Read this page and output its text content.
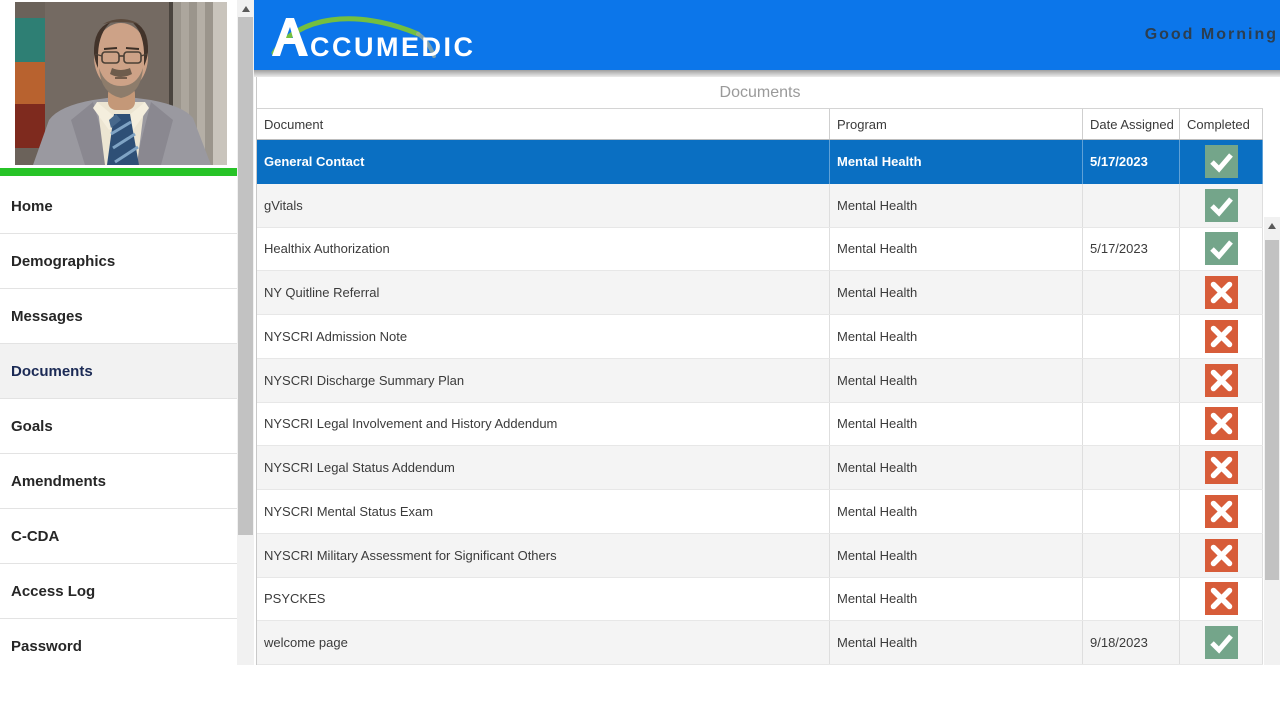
Home
Demographics
Messages
Documents
Goals
Amendments
C-CDA
Access Log
Password
CCUMEDIC	Good Morning
Documents
Document	Program	Date Assigned	Completed
General Contact	Mental Health	5/17/2023
gVitals	Mental Health
Healthix Authorization	Mental Health	5/17/2023
NY Quitline Referral	Mental Health
NYSCRI Admission Note	Mental Health
NYSCRI Discharge Summary Plan	Mental Health
NYSCRI Legal Involvement and History Addendum	Mental Health
NYSCRI Legal Status Addendum	Mental Health
NYSCRI Mental Status Exam	Mental Health
NYSCRI Military Assessment for Significant Others	Mental Health
PSYCKES	Mental Health
welcome page	Mental Health	9/18/2023
